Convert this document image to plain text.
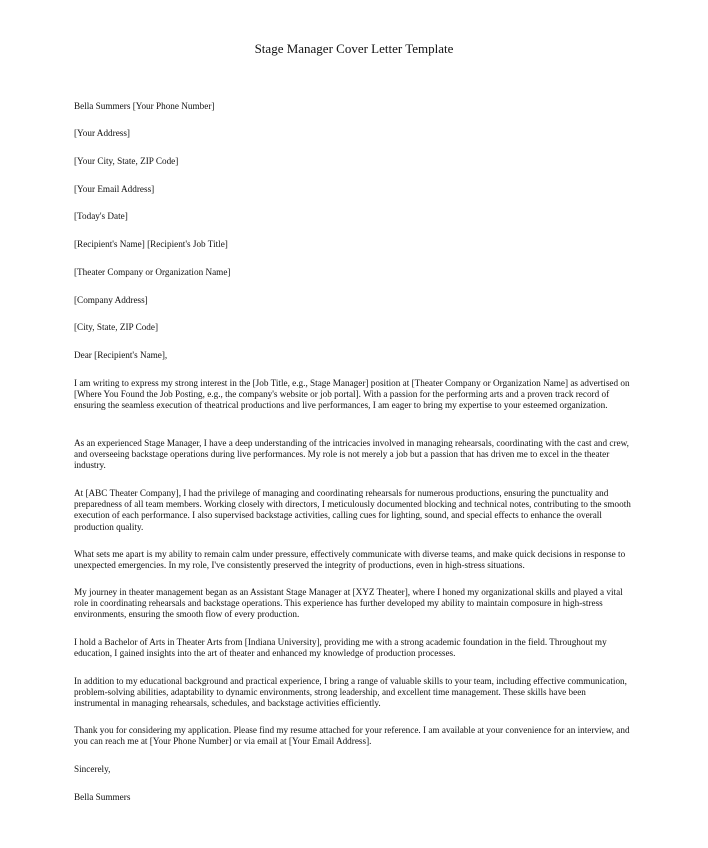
Stage Manager Cover Letter Template

Bella Summers [Your Phone Number]

[Your Address]

[Your City, State, ZIP Code]

[Your Email Address]

[Today's Date]

[Recipient's Name] [Recipient's Job Title]

[Theater Company or Organization Name]

[Company Address]

[City, State, ZIP Code]

Dear [Recipient's Name],

I am writing to express my strong interest in the [Job Title, e.g., Stage Manager] position at [Theater Company or Organization Name] as advertised on [Where You Found the Job Posting, e.g., the company's website or job portal]. With a passion for the performing arts and a proven track record of ensuring the seamless execution of theatrical productions and live performances, I am eager to bring my expertise to your esteemed organization.

As an experienced Stage Manager, I have a deep understanding of the intricacies involved in managing rehearsals, coordinating with the cast and crew, and overseeing backstage operations during live performances. My role is not merely a job but a passion that has driven me to excel in the theater industry.

At [ABC Theater Company], I had the privilege of managing and coordinating rehearsals for numerous productions, ensuring the punctuality and preparedness of all team members. Working closely with directors, I meticulously documented blocking and technical notes, contributing to the smooth execution of each performance. I also supervised backstage activities, calling cues for lighting, sound, and special effects to enhance the overall production quality.

What sets me apart is my ability to remain calm under pressure, effectively communicate with diverse teams, and make quick decisions in response to unexpected emergencies. In my role, I've consistently preserved the integrity of productions, even in high-stress situations.

My journey in theater management began as an Assistant Stage Manager at [XYZ Theater], where I honed my organizational skills and played a vital role in coordinating rehearsals and backstage operations. This experience has further developed my ability to maintain composure in high-stress environments, ensuring the smooth flow of every production.

I hold a Bachelor of Arts in Theater Arts from [Indiana University], providing me with a strong academic foundation in the field. Throughout my education, I gained insights into the art of theater and enhanced my knowledge of production processes.

In addition to my educational background and practical experience, I bring a range of valuable skills to your team, including effective communication, problem-solving abilities, adaptability to dynamic environments, strong leadership, and excellent time management. These skills have been instrumental in managing rehearsals, schedules, and backstage activities efficiently.

Thank you for considering my application. Please find my resume attached for your reference. I am available at your convenience for an interview, and you can reach me at [Your Phone Number] or via email at [Your Email Address].

Sincerely,

Bella Summers
